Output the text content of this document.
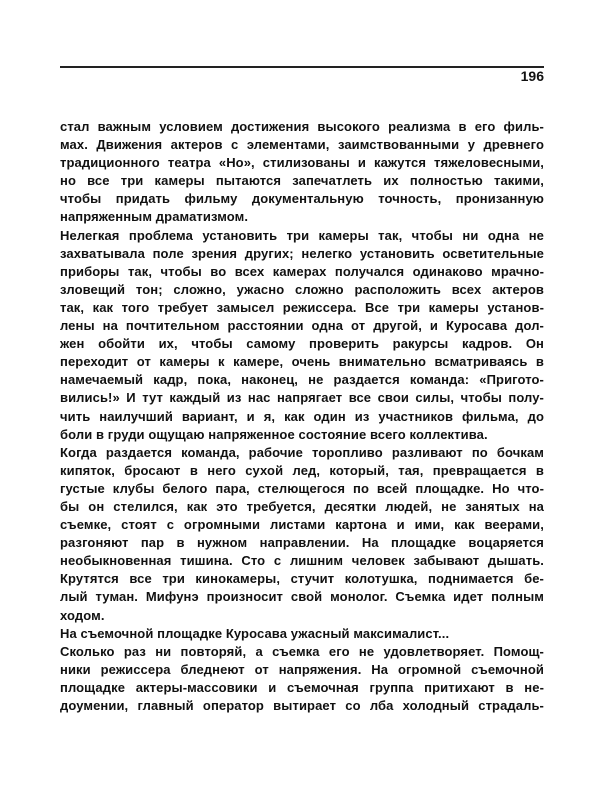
196
стал важным условием достижения высокого реализма в его филь-
мах. Движения актеров с элементами, заимствованными у древнего
традиционного театра «Но», стилизованы и кажутся тяжеловесными,
но все три камеры пытаются запечатлеть их полностью такими,
чтобы придать фильму документальную точность, пронизанную
напряженным драматизмом.
Нелегкая проблема установить три камеры так, чтобы ни одна не
захватывала поле зрения других; нелегко установить осветительные
приборы так, чтобы во всех камерах получался одинаково мрачно-
зловещий тон; сложно, ужасно сложно расположить всех актеров
так, как того требует замысел режиссера. Все три камеры установ-
лены на почтительном расстоянии одна от другой, и Куросава дол-
жен обойти их, чтобы самому проверить ракурсы кадров. Он
переходит от камеры к камере, очень внимательно всматриваясь в
намечаемый кадр, пока, наконец, не раздается команда: «Пригото-
вились!» И тут каждый из нас напрягает все свои силы, чтобы полу-
чить наилучший вариант, и я, как один из участников фильма, до
боли в груди ощущаю напряженное состояние всего коллектива.
Когда раздается команда, рабочие торопливо разливают по бочкам
кипяток, бросают в него сухой лед, который, тая, превращается в
густые клубы белого пара, стелющегося по всей площадке. Но что-
бы он стелился, как это требуется, десятки людей, не занятых на
съемке, стоят с огромными листами картона и ими, как веерами,
разгоняют пар в нужном направлении. На площадке воцаряется
необыкновенная тишина. Сто с лишним человек забывают дышать.
Крутятся все три кинокамеры, стучит колотушка, поднимается бе-
лый туман. Мифунэ произносит свой монолог. Съемка идет полным
ходом.
На съемочной площадке Куросава ужасный максималист...
Сколько раз ни повторяй, а съемка его не удовлетворяет. Помощ-
ники режиссера бледнеют от напряжения. На огромной съемочной
площадке актеры-массовики и съемочная группа притихают в не-
доумении, главный оператор вытирает со лба холодный страдаль-
